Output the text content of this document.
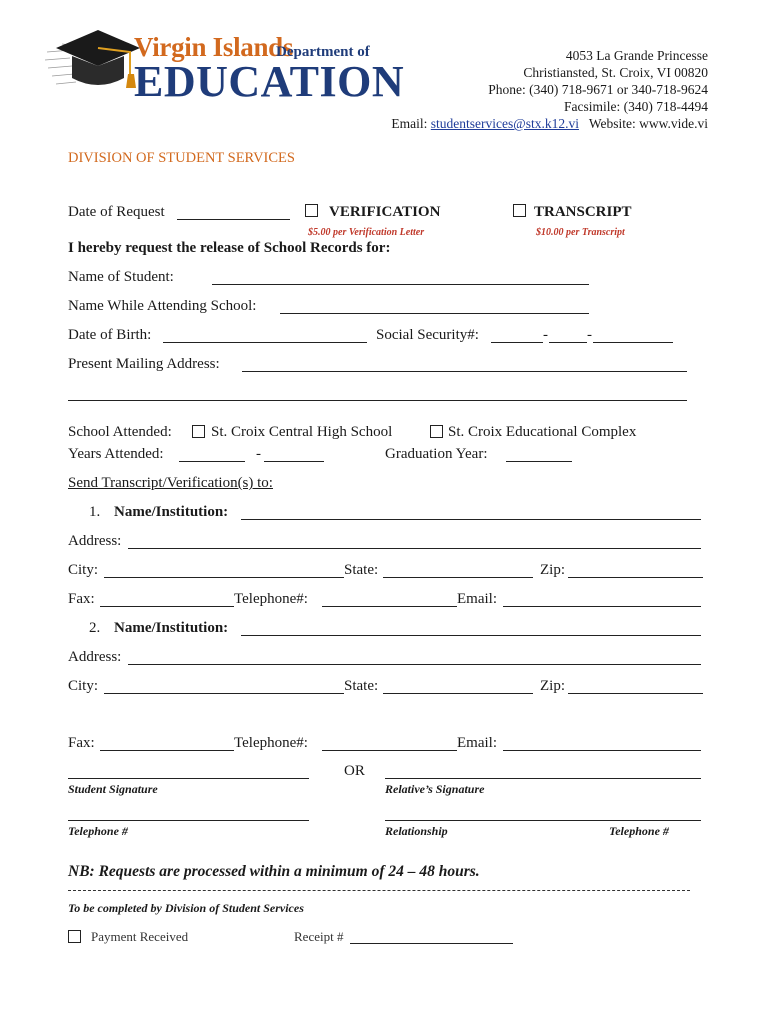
Virgin Islands
Department of
EDUCATION
4053 La Grande Princesse
Christiansted, St. Croix, VI 00820
Phone: (340) 718-9671 or 340-718-9624
Facsimile: (340) 718-4494
Email: studentservices@stx.k12.vi Website: www.vide.vi
DIVISION OF STUDENT SERVICES
Date of Request	VERIFICATION
$5.00 per Verification Letter
TRANSCRIPT
$10.00 per Transcript
I hereby request the release of School Records for:
Name of Student:
Name While Attending School:
Date of Birth:	Social Security#:	-	-
Present Mailing Address:
School Attended:	St. Croix Central High School	St. Croix Educational Complex
Years Attended:	-	Graduation Year:
Send Transcript/Verification(s) to:
1. Name/Institution:
Address:
City:	State:	Zip:
Fax:	Telephone#:	Email:
2. Name/Institution:
Address:
City:	State:	Zip:
Fax:	Telephone#:	Email:
OR
Student Signature	Relative’s Signature
Telephone #	Relationship	Telephone #
NB: Requests are processed within a minimum of 24 – 48 hours.
To be completed by Division of Student Services
Payment Received	Receipt #
